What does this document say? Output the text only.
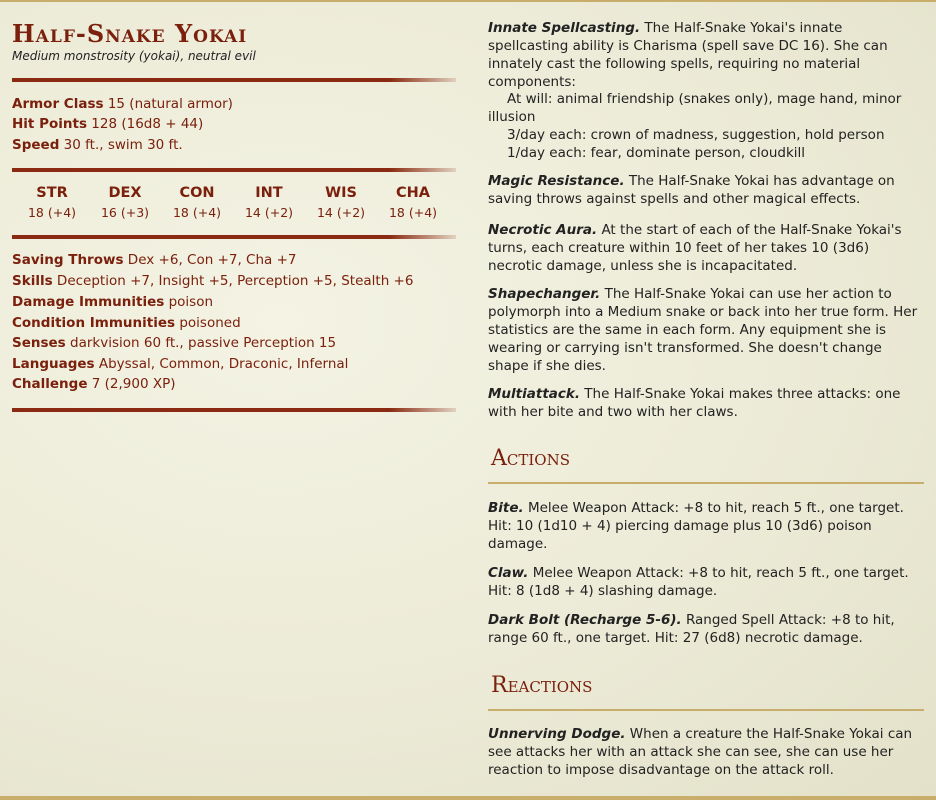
Half-Snake Yokai
Medium monstrosity (yokai), neutral evil
Armor Class 15 (natural armor)
Hit Points 128 (16d8 + 44)
Speed 30 ft., swim 30 ft.
STR
18 (+4)
DEX
16 (+3)
CON
18 (+4)
INT
14 (+2)
WIS
14 (+2)
CHA
18 (+4)
Saving Throws Dex +6, Con +7, Cha +7
Skills Deception +7, Insight +5, Perception +5, Stealth +6
Damage Immunities poison
Condition Immunities poisoned
Senses darkvision 60 ft., passive Perception 15
Languages Abyssal, Common, Draconic, Infernal
Challenge 7 (2,900 XP)
Innate Spellcasting. The Half-Snake Yokai's innate spellcasting ability is Charisma (spell save DC 16). She can innately cast the following spells, requiring no material components:
At will: animal friendship (snakes only), mage hand, minor illusion
3/day each: crown of madness, suggestion, hold person
1/day each: fear, dominate person, cloudkill
Magic Resistance. The Half-Snake Yokai has advantage on saving throws against spells and other magical effects.
Necrotic Aura. At the start of each of the Half-Snake Yokai's turns, each creature within 10 feet of her takes 10 (3d6) necrotic damage, unless she is incapacitated.
Shapechanger. The Half-Snake Yokai can use her action to polymorph into a Medium snake or back into her true form. Her statistics are the same in each form. Any equipment she is wearing or carrying isn't transformed. She doesn't change shape if she dies.
Multiattack. The Half-Snake Yokai makes three attacks: one with her bite and two with her claws.
Actions
Bite. Melee Weapon Attack: +8 to hit, reach 5 ft., one target. Hit: 10 (1d10 + 4) piercing damage plus 10 (3d6) poison damage.
Claw. Melee Weapon Attack: +8 to hit, reach 5 ft., one target. Hit: 8 (1d8 + 4) slashing damage.
Dark Bolt (Recharge 5-6). Ranged Spell Attack: +8 to hit, range 60 ft., one target. Hit: 27 (6d8) necrotic damage.
Reactions
Unnerving Dodge. When a creature the Half-Snake Yokai can see attacks her with an attack she can see, she can use her reaction to impose disadvantage on the attack roll.
